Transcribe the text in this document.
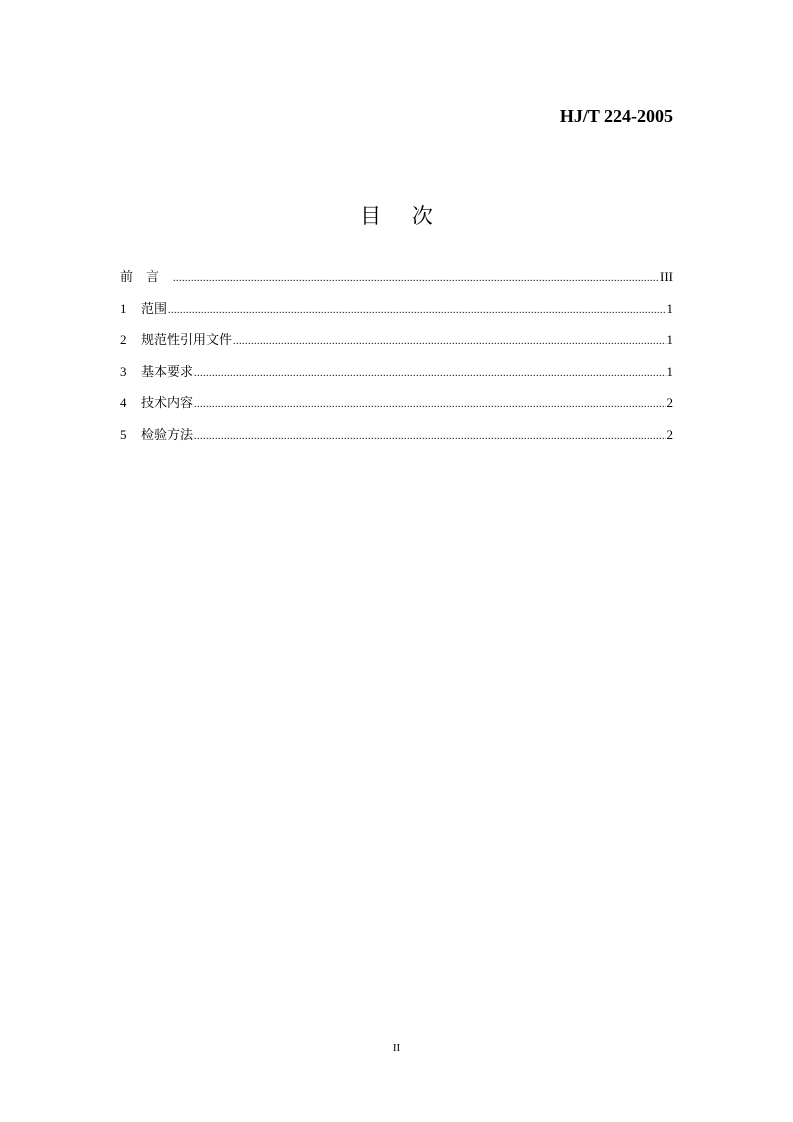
HJ/T 224-2005
目 次
前言 .....	III
1	范围 .....	1
2	规范性引用文件 .....	1
3	基本要求 .....	1
4	技术内容 .....	2
5	检验方法 .....	2
II
